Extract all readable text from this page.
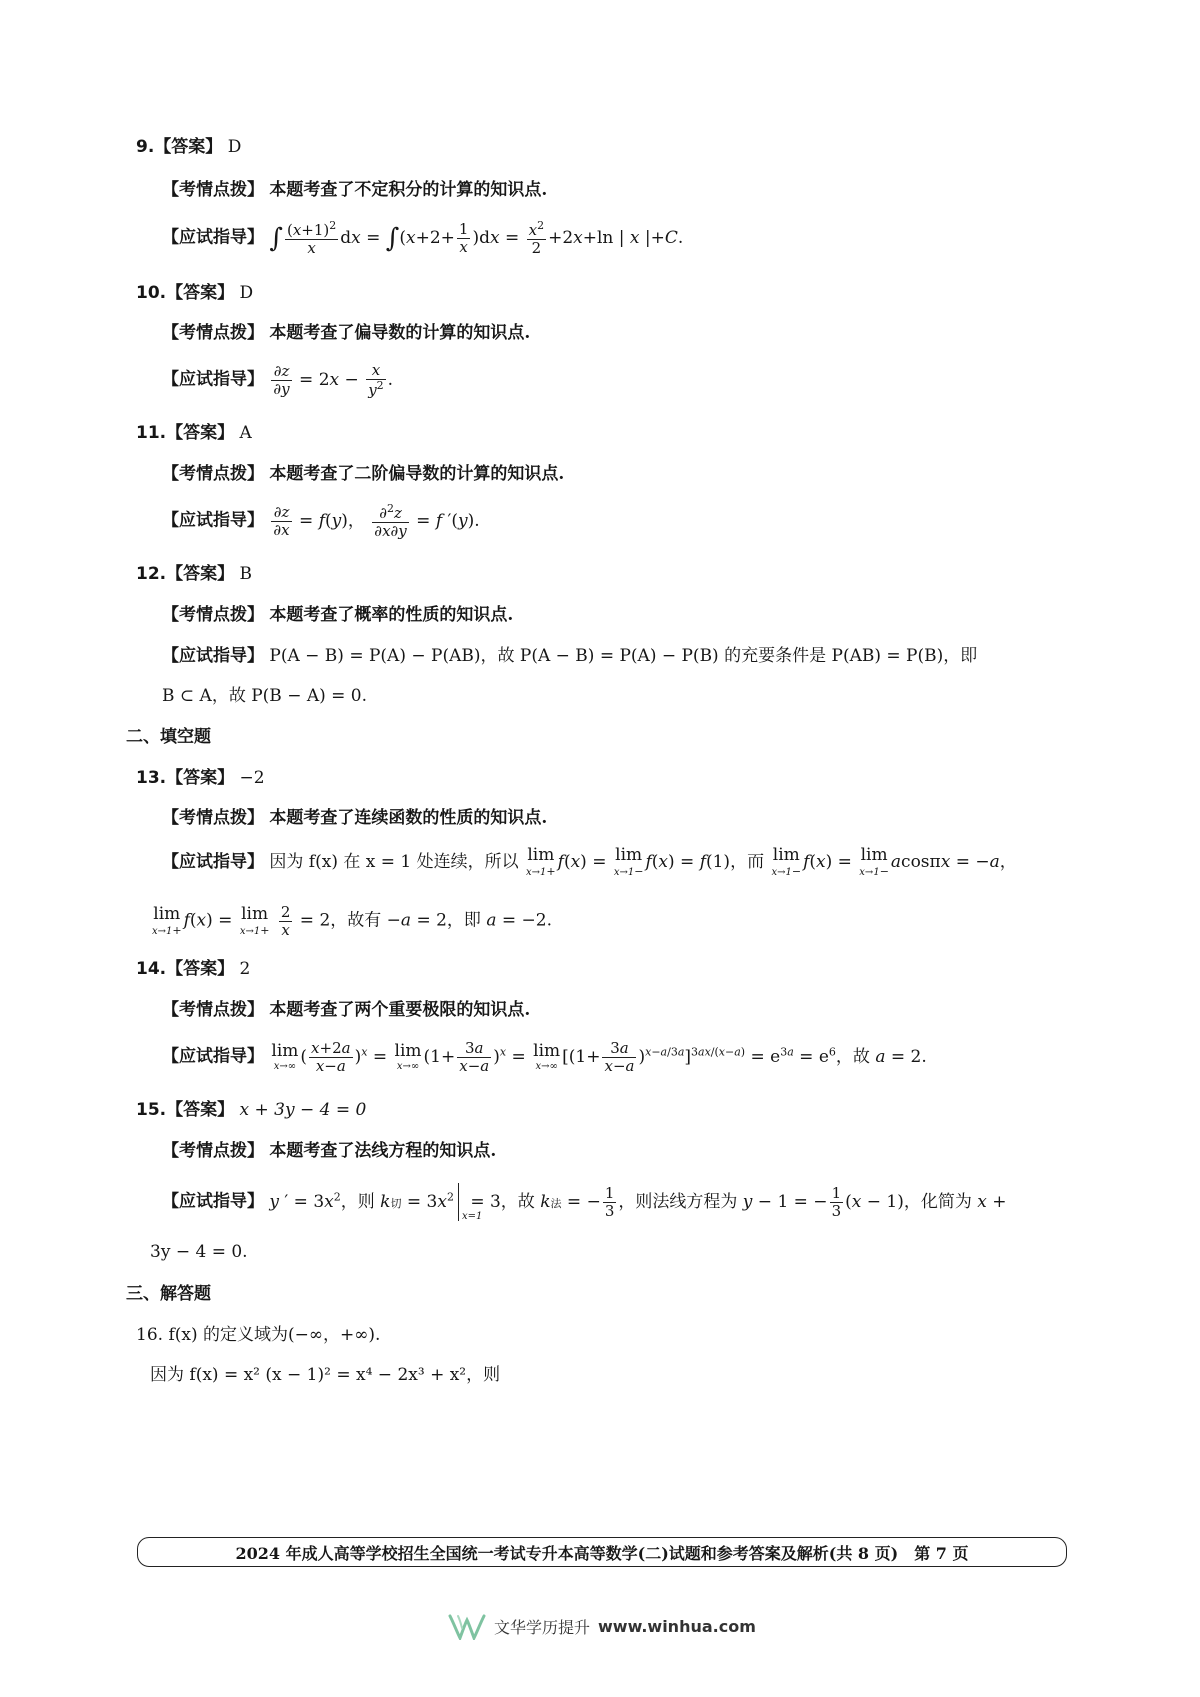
9.【答案】 D
【考情点拨】 本题考查了不定积分的计算的知识点.
【应试指导】 ∫ $\frac{(x+1)^2}{x}$ dx = $\int(x+2+ \frac{1}{x} )dx = \frac{x^2}{2} +2x+\ln$ | x |+C.
10.【答案】 D
【考情点拨】 本题考查了偏导数的计算的知识点.
【应试指导】 $\frac{\partial z}{\partial y} = 2x - \frac{x}{y^2}$ .
11.【答案】 A
【考情点拨】 本题考查了二阶偏导数的计算的知识点.
【应试指导】 $\frac{\partial z}{\partial x} = f(y)$， $\frac{\partial^2z}{\partial x\partial y} = f$ ′(y).
12.【答案】 B
【考情点拨】 本题考查了概率的性质的知识点.
【应试指导】 P(A − B) = P(A) − P(AB)，故 P(A − B) = P(A) − P(B) 的充要条件是 P(AB) = P(B)，即
B ⊂ A，故 P(B − A) = 0.
二、填空题
13.【答案】 −2
【考情点拨】 本题考查了连续函数的性质的知识点.
【应试指导】 因为 f(x) 在 x = 1 处连续，所以 lim
x→1+ f(x) = lim
x→1− f(x) = f(1)，而 lim
x→1− f(x) = lim
x→1− acosπx = −a，
lim
x→1+ f(x) = lim
x→1+
$\frac{2}{x} = 2$，故有 −a = 2，即 a = −2.
14.【答案】 2
【考情点拨】 本题考查了两个重要极限的知识点.
【应试指导】 lim
x→∞ ( $\frac{x+2a}{x-a} )^x = \lim$
x→∞ $(1+ \frac{3a}{x-a} )^x = \lim$
x→∞ $[(1+ \frac{3a}{x-a} )^{x-a/3a}]^{3ax/(x-a)} = e^{3a} = e^6$，故 a = 2.
15.【答案】 x + 3y − 4 = 0
【考情点拨】 本题考查了法线方程的知识点.
【应试指导】 y ′ = $3x^2$，则 k切 = $3x^2$
x=1
= 3，故 k法 = − $\frac{1}{3}$ ，则法线方程为 y − 1 = − $\frac{1}{3} (x - 1)$，化简为 x +
3y − 4 = 0.
三、解答题
16. f(x) 的定义域为(−∞，+∞).
因为 f(x) = x² (x − 1)² = x⁴ − 2x³ + x²，则
2024 年成人高等学校招生全国统一考试专升本高等数学(二)试题和参考答案及解析(共 8 页)　第 7 页
文华学历提升 www.winhua.com
